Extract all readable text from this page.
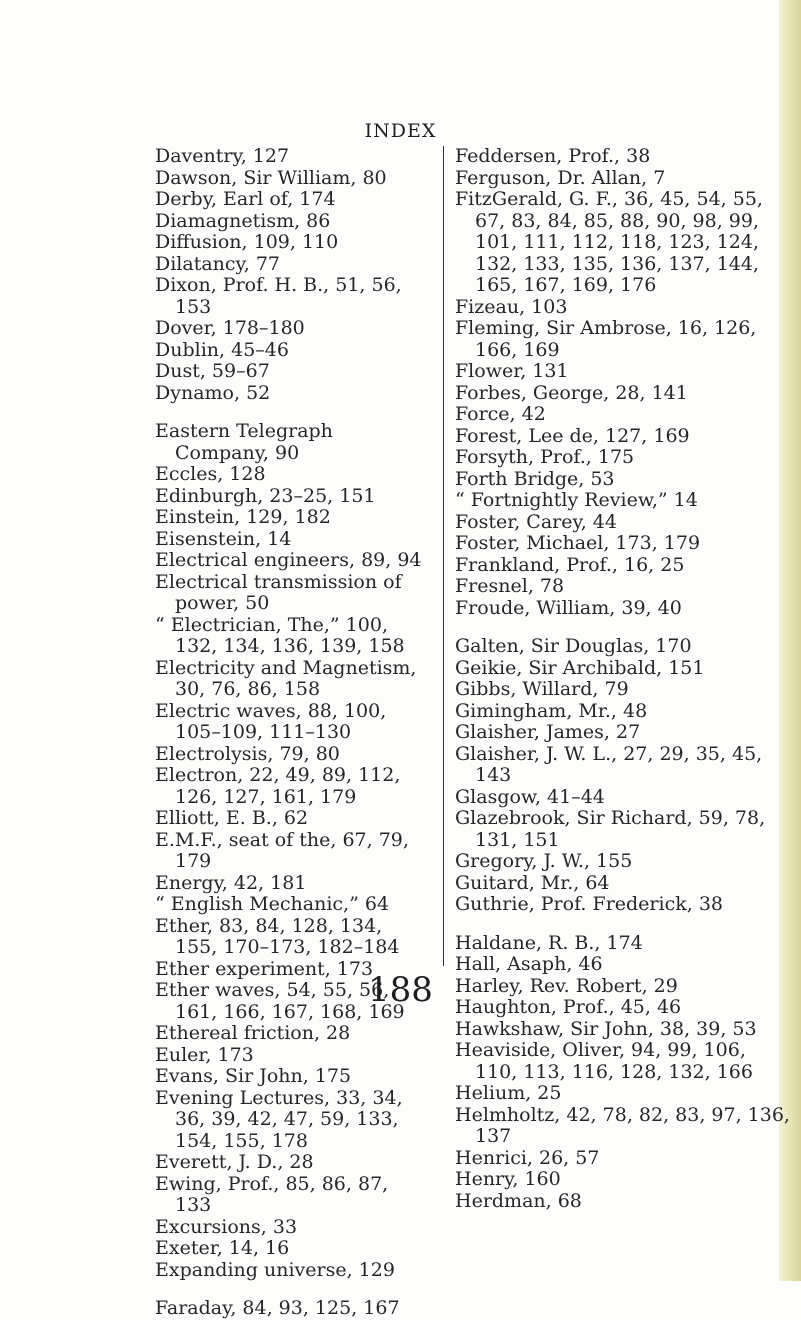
INDEX
Daventry, 127
Dawson, Sir William, 80
Derby, Earl of, 174
Diamagnetism, 86
Diffusion, 109, 110
Dilatancy, 77
Dixon, Prof. H. B., 51, 56, 153
Dover, 178–180
Dublin, 45–46
Dust, 59–67
Dynamo, 52
Eastern Telegraph Company, 90
Eccles, 128
Edinburgh, 23–25, 151
Einstein, 129, 182
Eisenstein, 14
Electrical engineers, 89, 94
Electrical transmission of power, 50
“ Electrician, The,” 100, 132, 134, 136, 139, 158
Electricity and Magnetism, 30, 76, 86, 158
Electric waves, 88, 100, 105–109, 111–130
Electrolysis, 79, 80
Electron, 22, 49, 89, 112, 126, 127, 161, 179
Elliott, E. B., 62
E.M.F., seat of the, 67, 79, 179
Energy, 42, 181
“ English Mechanic,” 64
Ether, 83, 84, 128, 134, 155, 170–173, 182–184
Ether experiment, 173
Ether waves, 54, 55, 56, 161, 166, 167, 168, 169
Ethereal friction, 28
Euler, 173
Evans, Sir John, 175
Evening Lectures, 33, 34, 36, 39, 42, 47, 59, 133, 154, 155, 178
Everett, J. D., 28
Ewing, Prof., 85, 86, 87, 133
Excursions, 33
Exeter, 14, 16
Expanding universe, 129
Faraday, 84, 93, 125, 167
Feddersen, Prof., 38
Ferguson, Dr. Allan, 7
FitzGerald, G. F., 36, 45, 54, 55, 67, 83, 84, 85, 88, 90, 98, 99, 101, 111, 112, 118, 123, 124, 132, 133, 135, 136, 137, 144, 165, 167, 169, 176
Fizeau, 103
Fleming, Sir Ambrose, 16, 126, 166, 169
Flower, 131
Forbes, George, 28, 141
Force, 42
Forest, Lee de, 127, 169
Forsyth, Prof., 175
Forth Bridge, 53
“ Fortnightly Review,” 14
Foster, Carey, 44
Foster, Michael, 173, 179
Frankland, Prof., 16, 25
Fresnel, 78
Froude, William, 39, 40
Galten, Sir Douglas, 170
Geikie, Sir Archibald, 151
Gibbs, Willard, 79
Gimingham, Mr., 48
Glaisher, James, 27
Glaisher, J. W. L., 27, 29, 35, 45, 143
Glasgow, 41–44
Glazebrook, Sir Richard, 59, 78, 131, 151
Gregory, J. W., 155
Guitard, Mr., 64
Guthrie, Prof. Frederick, 38
Haldane, R. B., 174
Hall, Asaph, 46
Harley, Rev. Robert, 29
Haughton, Prof., 45, 46
Hawkshaw, Sir John, 38, 39, 53
Heaviside, Oliver, 94, 99, 106, 110, 113, 116, 128, 132, 166
Helium, 25
Helmholtz, 42, 78, 82, 83, 97, 136, 137
Henrici, 26, 57
Henry, 160
Herdman, 68
188
